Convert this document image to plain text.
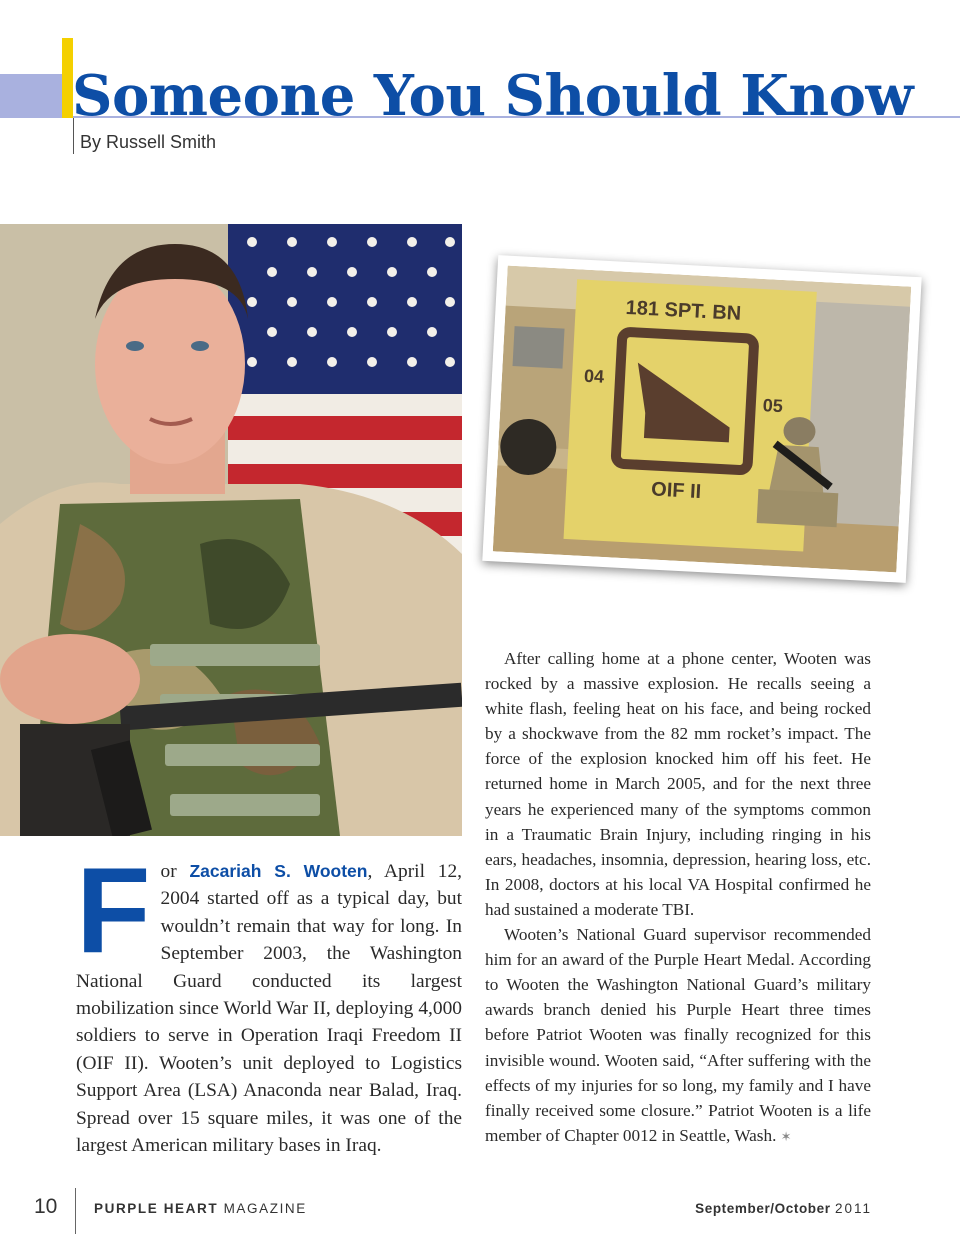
Someone You Should Know
By Russell Smith
181 SPT. BN
04
05
OIF II

For Zacariah S. Wooten, April 12, 2004 started off as a typical day, but wouldn’t remain that way for long. In September 2003, the Washington National Guard conducted its largest mobilization since World War II, deploying 4,000 soldiers to serve in Operation Iraqi Freedom II (OIF II). Wooten’s unit deployed to Logistics Support Area (LSA) Anaconda near Balad, Iraq. Spread over 15 square miles, it was one of the largest American military bases in Iraq.

After calling home at a phone center, Wooten was rocked by a massive explosion. He recalls seeing a white flash, feeling heat on his face, and being rocked by a shockwave from the 82 mm rocket’s impact. The force of the explosion knocked him off his feet. He returned home in March 2005, and for the next three years he experienced many of the symptoms common in a Traumatic Brain Injury, including ringing in his ears, headaches, insomnia, depression, hearing loss, etc. In 2008, doctors at his local VA Hospital confirmed he had sustained a moderate TBI.

Wooten’s National Guard supervisor recommended him for an award of the Purple Heart Medal. According to Wooten the Washington National Guard’s military awards branch denied his Purple Heart three times before Patriot Wooten was finally recognized for this invisible wound. Wooten said, “After suffering with the effects of my injuries for so long, my family and I have finally received some closure.” Patriot Wooten is a life member of Chapter 0012 in Seattle, Wash. ✶

10	PURPLE HEART MAGAZINE	September/October 2011
